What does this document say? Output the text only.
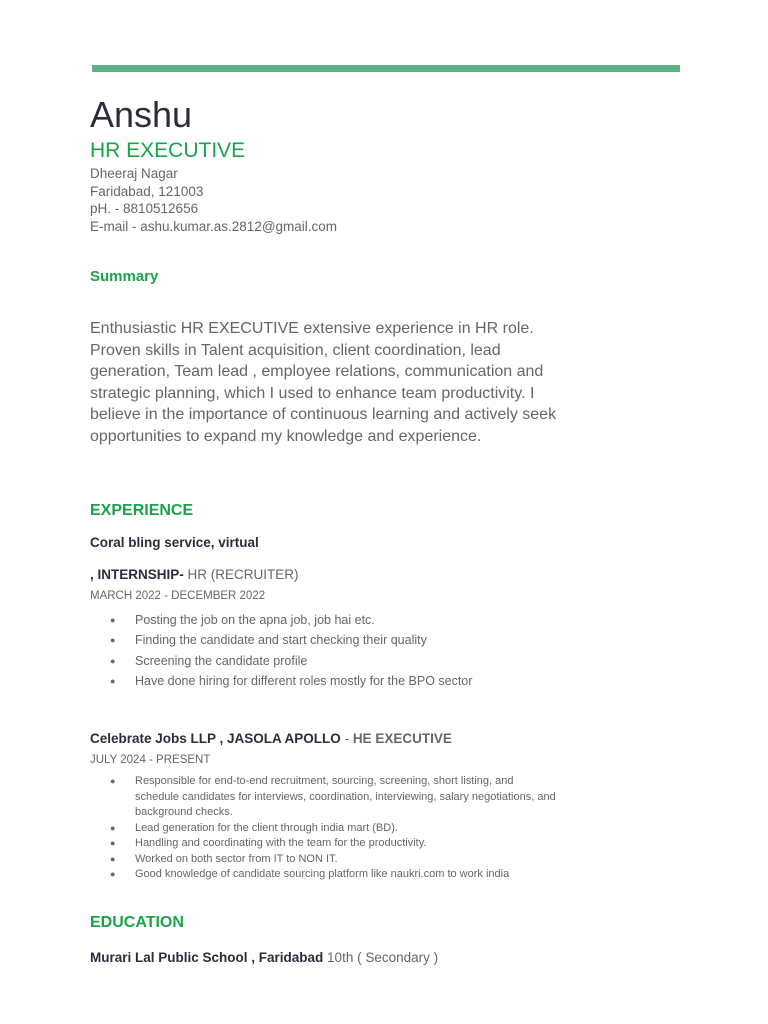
Anshu
HR EXECUTIVE
Dheeraj Nagar
Faridabad, 121003
pH. - 8810512656
E-mail - ashu.kumar.as.2812@gmail.com
Summary
Enthusiastic HR EXECUTIVE extensive experience in HR role. Proven skills in Talent acquisition, client coordination, lead generation, Team lead , employee relations, communication and strategic planning, which I used to enhance team productivity. I believe in the importance of continuous learning and actively seek opportunities to expand my knowledge and experience.
EXPERIENCE
Coral bling service, virtual
, INTERNSHIP- HR (RECRUITER)
MARCH 2022 - DECEMBER 2022
● Posting the job on the apna job, job hai etc.
● Finding the candidate and start checking their quality
● Screening the candidate profile
● Have done hiring for different roles mostly for the BPO sector
Celebrate Jobs LLP , JASOLA APOLLO - HE EXECUTIVE
JULY 2024 - PRESENT
● Responsible for end-to-end recruitment, sourcing, screening, short listing, and schedule candidates for interviews, coordination, interviewing, salary negotiations, and background checks.
● Lead generation for the client through india mart (BD).
● Handling and coordinating with the team for the productivity.
● Worked on both sector from IT to NON IT.
● Good knowledge of candidate sourcing platform like naukri.com to work india
EDUCATION
Murari Lal Public School , Faridabad 10th ( Secondary )
